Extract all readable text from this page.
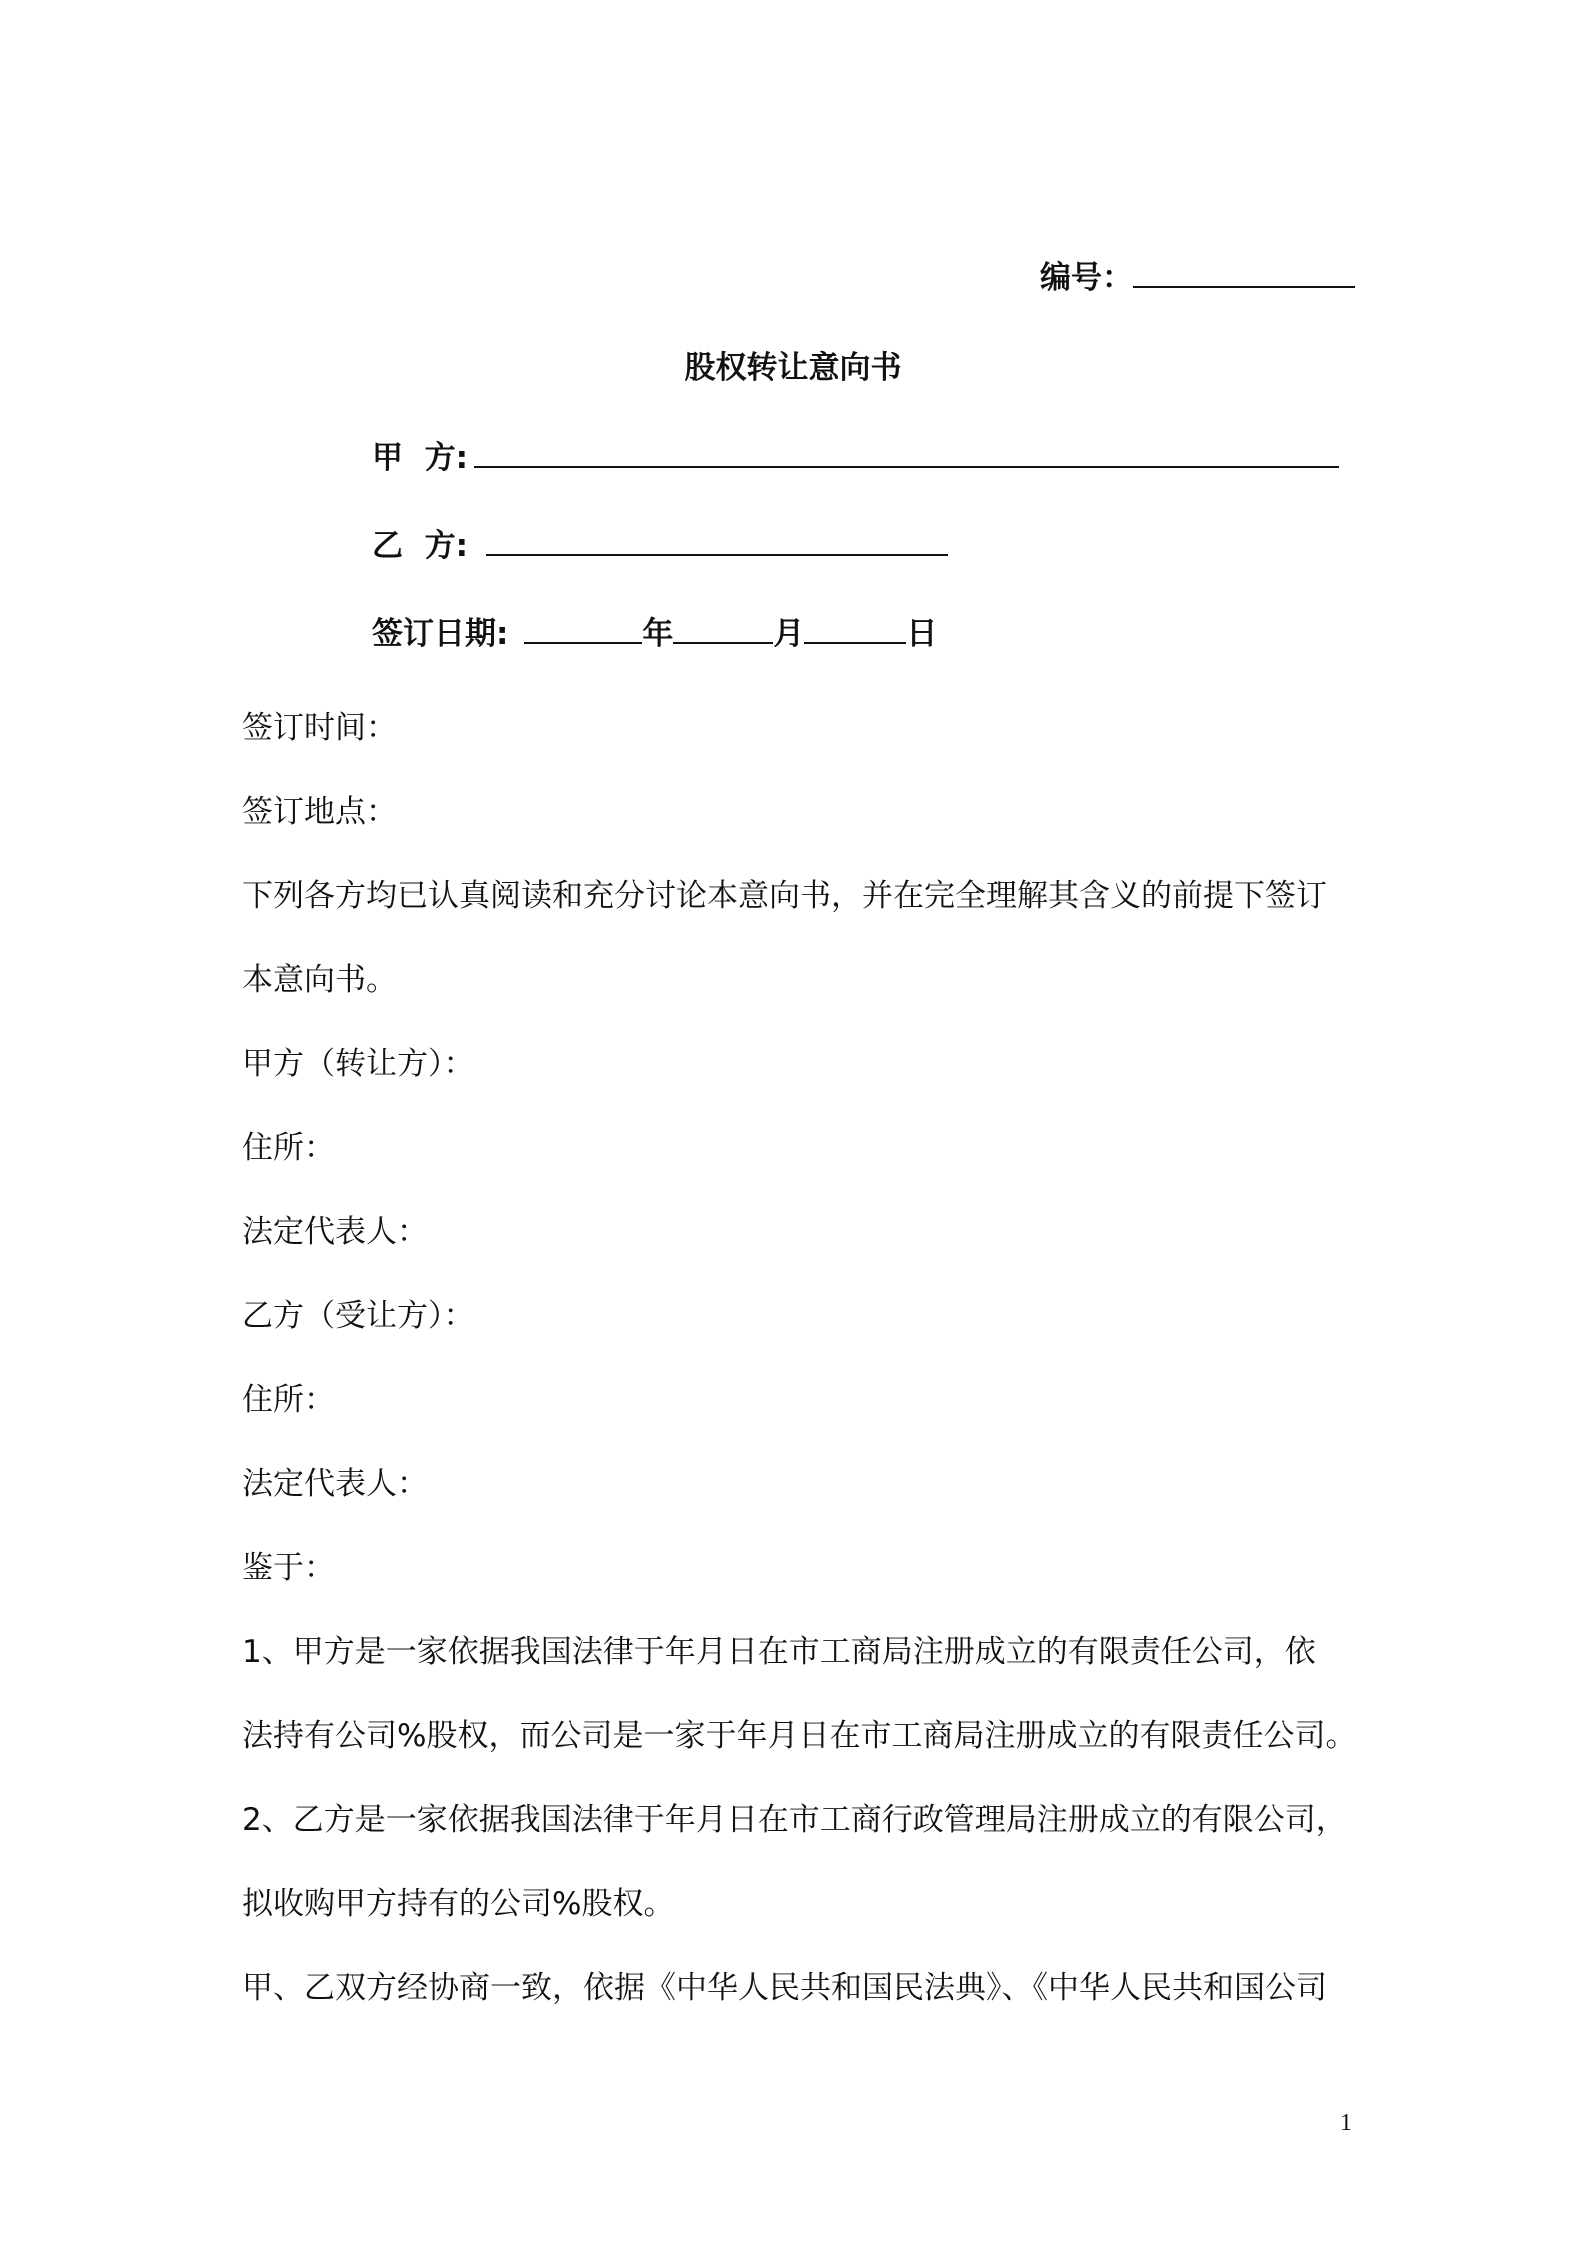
编号：
股权转让意向书
甲  方:
乙  方:
签订日期:	年	月	日
签订时间：
签订地点：
下列各方均已认真阅读和充分讨论本意向书，并在完全理解其含义的前提下签订
本意向书。
甲方（转让方）：
住所：
法定代表人：
乙方（受让方）：
住所：
法定代表人：
鉴于：
1、甲方是一家依据我国法律于年月日在市工商局注册成立的有限责任公司，依
法持有公司%股权，而公司是一家于年月日在市工商局注册成立的有限责任公司。
2、乙方是一家依据我国法律于年月日在市工商行政管理局注册成立的有限公司，
拟收购甲方持有的公司%股权。
甲、乙双方经协商一致，依据《中华人民共和国民法典》、《中华人民共和国公司
1
